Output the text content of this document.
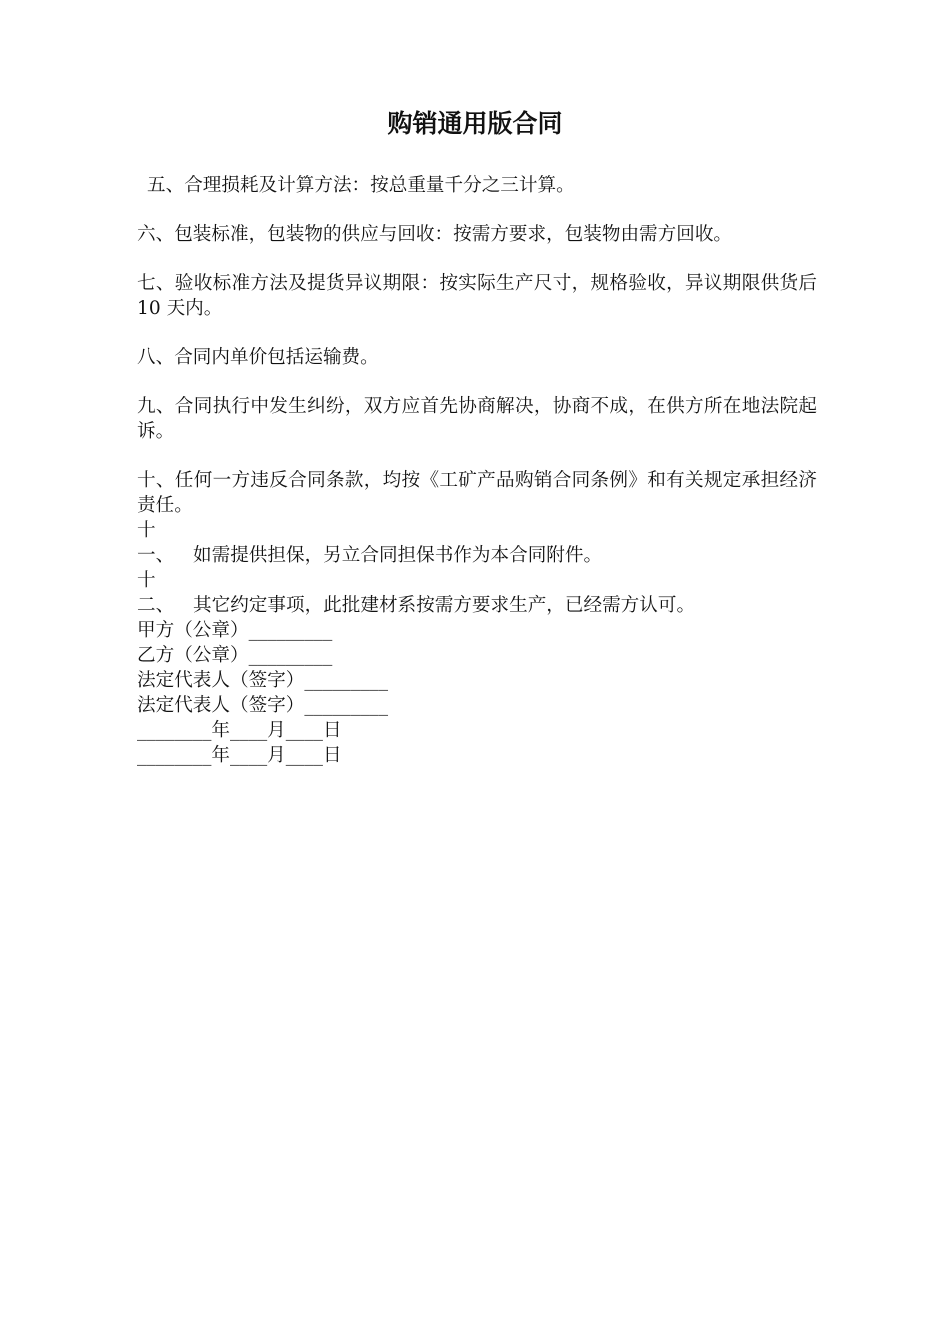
购销通用版合同

五、合理损耗及计算方法：按总重量千分之三计算。

六、包装标准，包装物的供应与回收：按需方要求，包装物由需方回收。

七、验收标准方法及提货异议期限：按实际生产尺寸，规格验收，异议期限供货后 10 天内。

八、合同内单价包括运输费。

九、合同执行中发生纠纷，双方应首先协商解决，协商不成，在供方所在地法院起诉。

十、任何一方违反合同条款，均按《工矿产品购销合同条例》和有关规定承担经济责任。

十
一、	如需提供担保，另立合同担保书作为本合同附件。
十
二、	其它约定事项，此批建材系按需方要求生产，已经需方认可。
甲方（公章）_________
乙方（公章）_________
法定代表人（签字）_________
法定代表人（签字）_________
________年____月____日
________年____月____日
